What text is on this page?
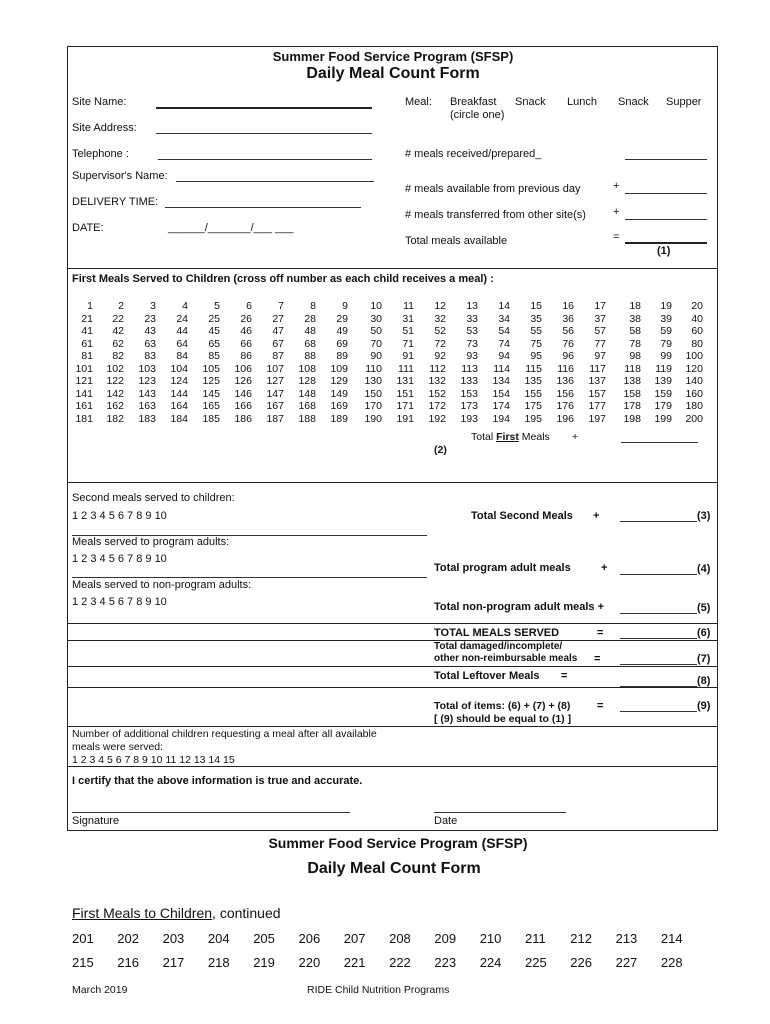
Summer Food Service Program (SFSP)
Daily Meal Count Form
Site Name:
Site Address:
Telephone :
Supervisor's Name:
DELIVERY TIME:
DATE:	______/_______/___ ___
Meal: Breakfast
(circle one)
Snack Lunch Snack Supper
# meals received/prepared_
# meals available from previous day	+
# meals transferred from other site(s) +
Total meals available	=
(1)
First Meals Served to Children (cross off number as each child receives a meal) :
1	2	3	4	5	6	7	8	9	10	11	12	13	14	15	16	17	18	19	20
21	22	23	24	25	26	27	28	29	30	31	32	33	34	35	36	37	38	39	40
41	42	43	44	45	46	47	48	49	50	51	52	53	54	55	56	57	58	59	60
61	62	63	64	65	66	67	68	69	70	71	72	73	74	75	76	77	78	79	80
81	82	83	84	85	86	87	88	89	90	91	92	93	94	95	96	97	98	99	100
101	102	103	104	105	106	107	108	109	110	111	112	113	114	115	116	117	118	119	120
121	122	123	124	125	126	127	128	129	130	131	132	133	134	135	136	137	138	139	140
141	142	143	144	145	146	147	148	149	150	151	152	153	154	155	156	157	158	159	160
161	162	163	164	165	166	167	168	169	170	171	172	173	174	175	176	177	178	179	180
181	182	183	184	185	186	187	188	189	190	191	192	193	194	195	196	197	198	199	200
Total First Meals +
(2)
Second meals served to children:
1 2 3 4 5 6 7 8 9 10	Total Second Meals +	(3)
Meals served to program adults:
1 2 3 4 5 6 7 8 9 10
Total program adult meals	+	(4)
Meals served to non-program adults:
1 2 3 4 5 6 7 8 9 10	Total non-program adult meals +	(5)
TOTAL MEALS SERVED	=	(6)
Total damaged/incomplete/
other non-reimbursable meals =	(7)
Total Leftover Meals =	(8)
Total of items: (6) + (7) + (8) =	(9)
[ (9) should be equal to (1) ]
Number of additional children requesting a meal after all available
meals were served:
1 2 3 4 5 6 7 8 9 10 11 12 13 14 15
I certify that the above information is true and accurate.
Signature	Date
Summer Food Service Program (SFSP)
Daily Meal Count Form
First Meals to Children, continued
201 202 203 204 205 206 207 208 209 210 211 212 213 214
215 216 217 218 219 220 221 222 223 224 225 226 227 228
March 2019	RIDE Child Nutrition Programs
